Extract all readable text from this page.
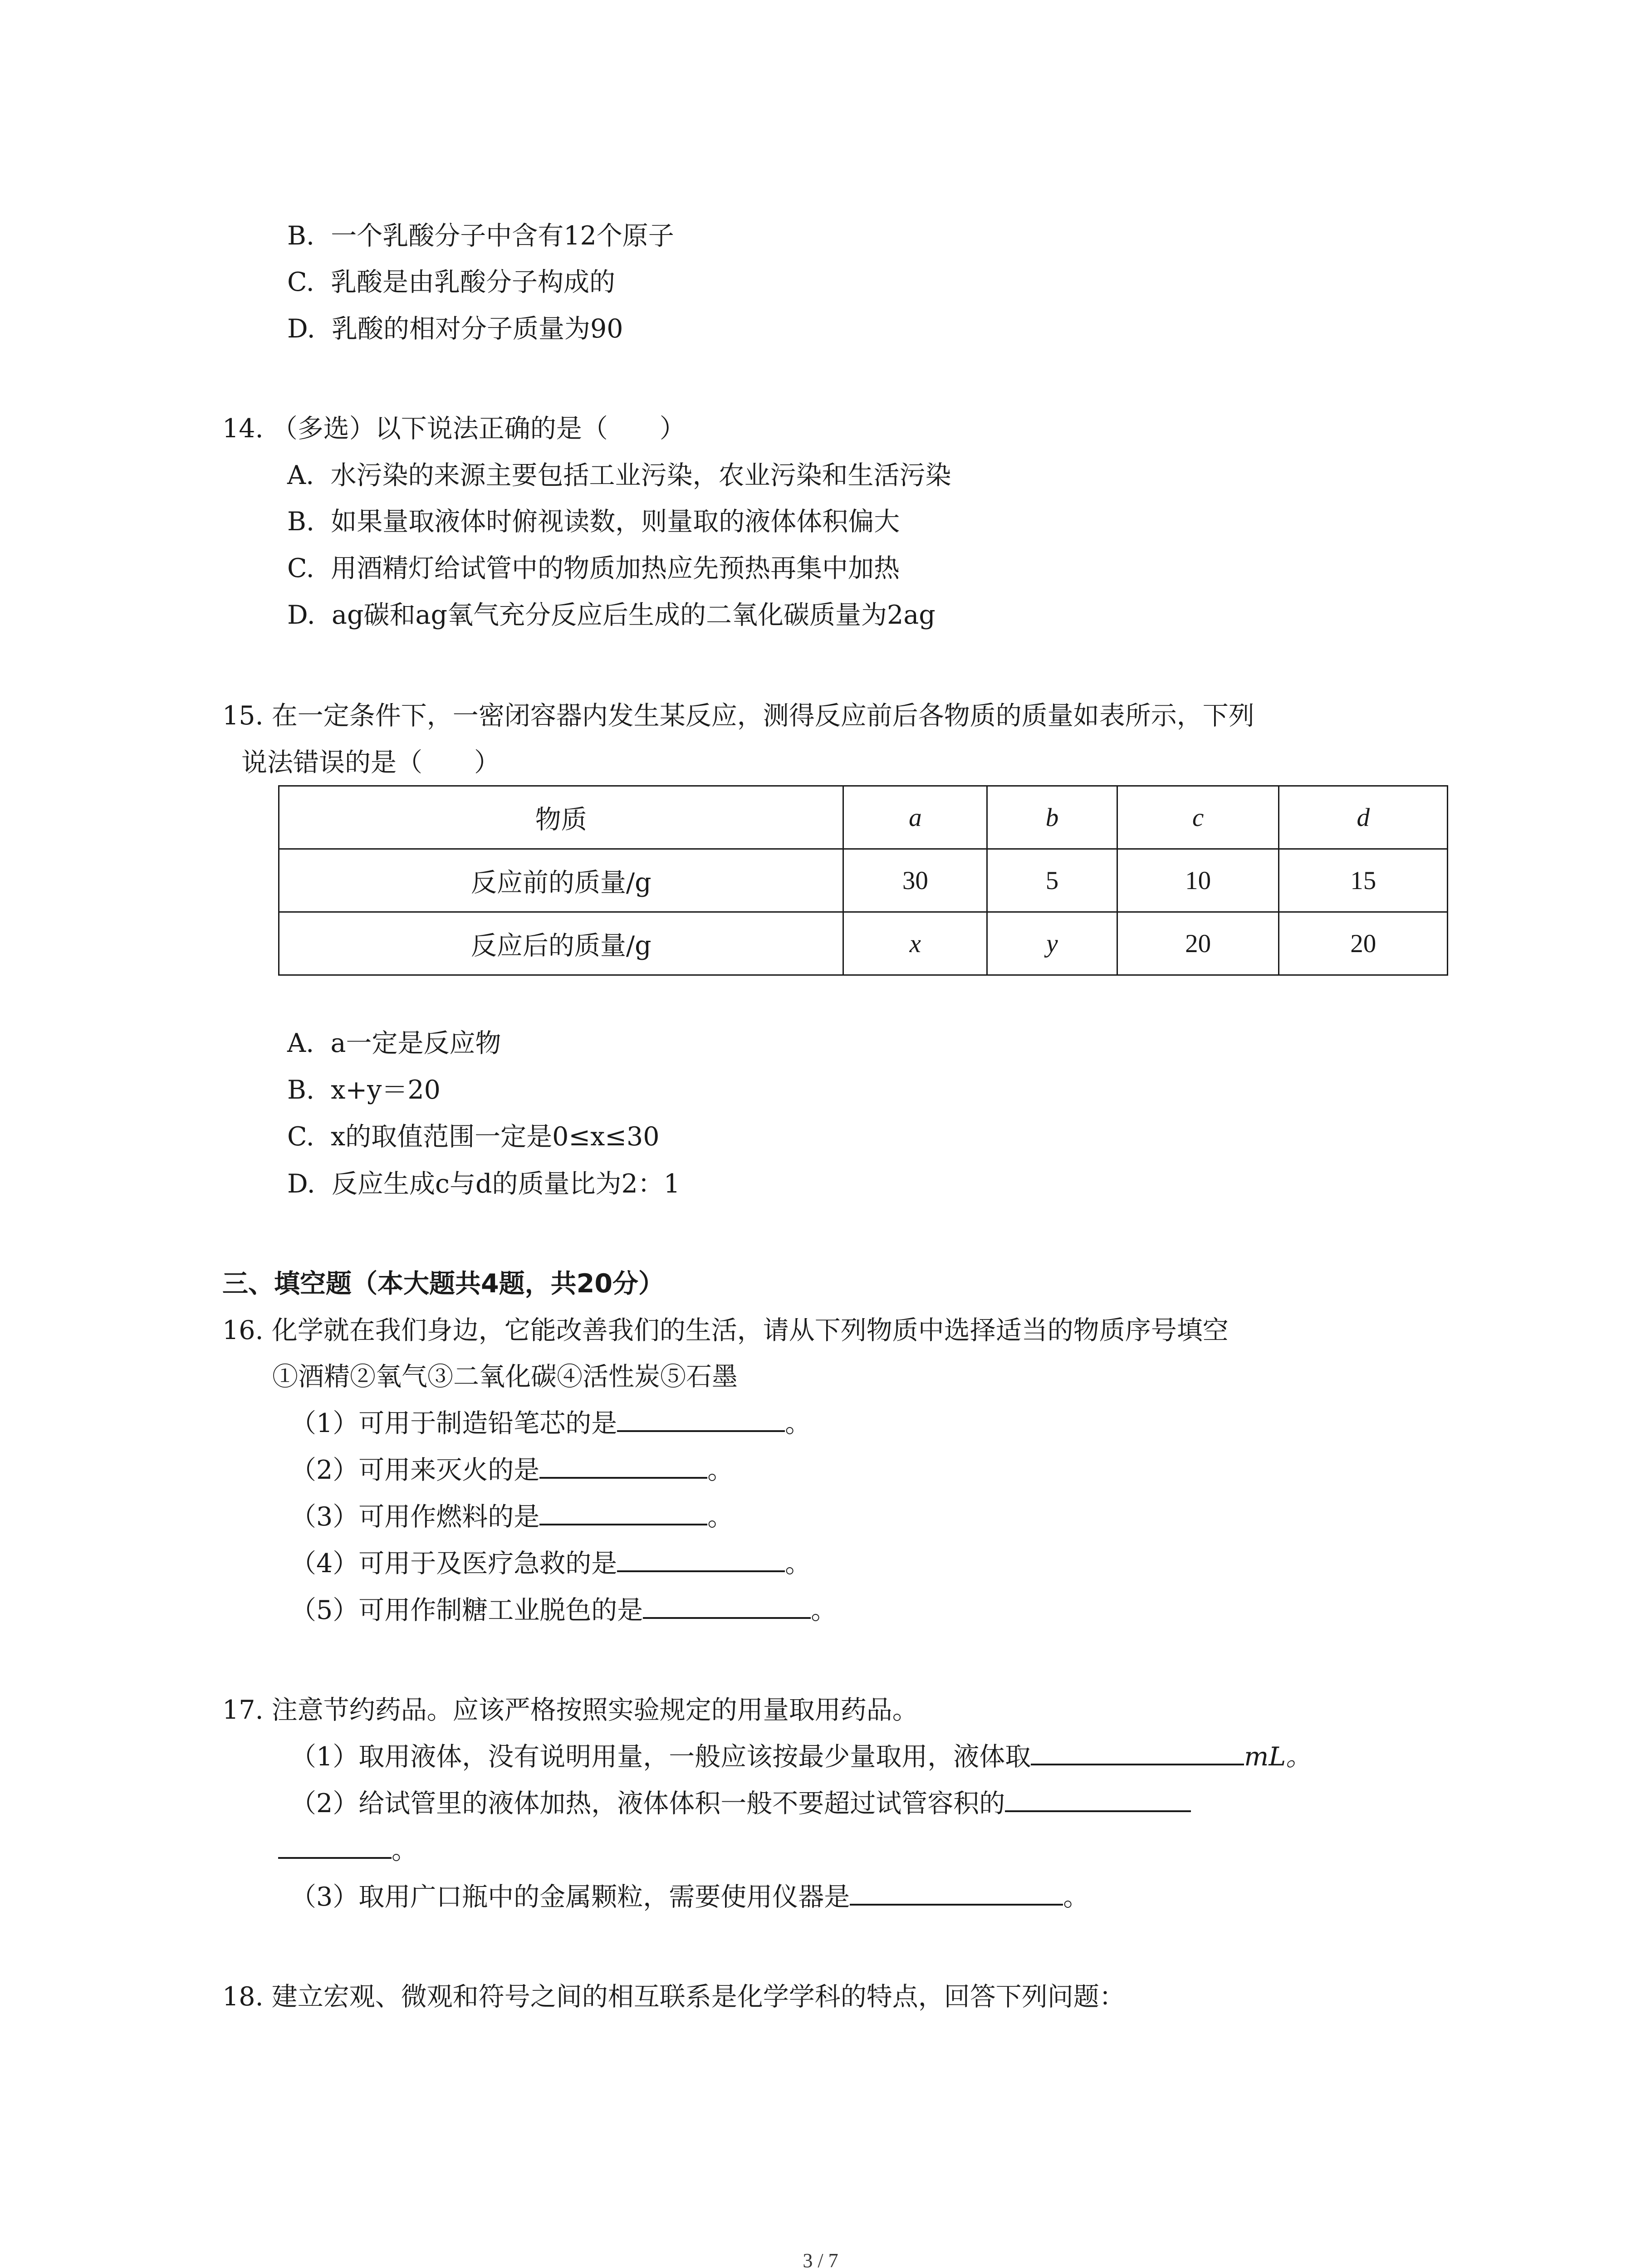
B. 一个乳酸分子中含有12个原子
C. 乳酸是由乳酸分子构成的
D. 乳酸的相对分子质量为90
14. （多选）以下说法正确的是（　　）
A. 水污染的来源主要包括工业污染，农业污染和生活污染
B. 如果量取液体时俯视读数，则量取的液体体积偏大
C. 用酒精灯给试管中的物质加热应先预热再集中加热
D. ag碳和ag氧气充分反应后生成的二氧化碳质量为2ag
15. 在一定条件下，一密闭容器内发生某反应，测得反应前后各物质的质量如表所示，下列
说法错误的是（　　）
物质	a	b	c	d
反应前的质量/g	30	5	10	15
反应后的质量/g	x	y	20	20
A. a一定是反应物
B. x+y＝20
C. x的取值范围一定是0≤x≤30
D. 反应生成c与d的质量比为2：1
三、填空题（本大题共4题，共20分）
16. 化学就在我们身边，它能改善我们的生活，请从下列物质中选择适当的物质序号填空
①酒精②氧气③二氧化碳④活性炭⑤石墨
（1）可用于制造铅笔芯的是	。
（2）可用来灭火的是	。
（3）可用作燃料的是	。
（4）可用于及医疗急救的是	。
（5）可用作制糖工业脱色的是	。
17. 注意节约药品。应该严格按照实验规定的用量取用药品。
（1）取用液体，没有说明用量，一般应该按最少量取用，液体取	mL。
（2）给试管里的液体加热，液体体积一般不要超过试管容积的
。
（3）取用广口瓶中的金属颗粒，需要使用仪器是	。
18. 建立宏观、微观和符号之间的相互联系是化学学科的特点，回答下列问题：
3 / 7
